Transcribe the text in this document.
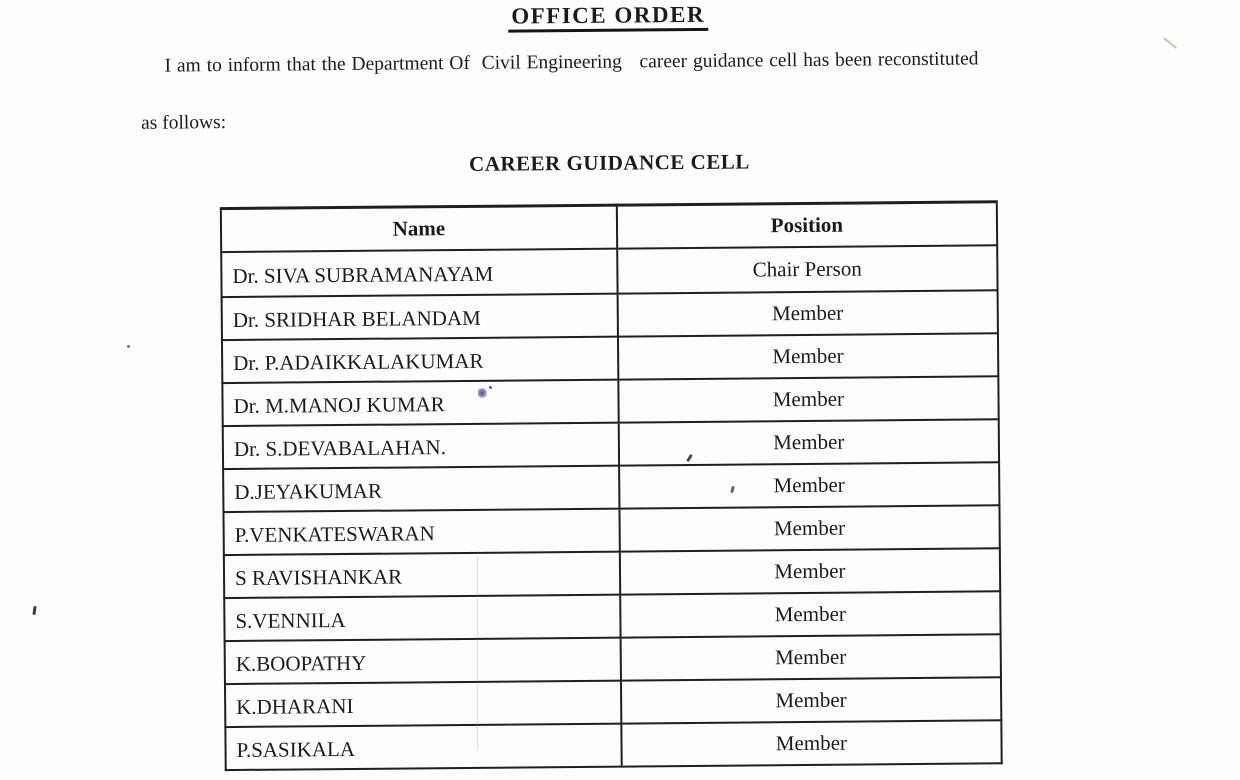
OFFICE ORDER
I am to inform that the Department Of  Civil Engineering   career guidance cell has been reconstituted
as follows:
CAREER GUIDANCE CELL
Name	Position
Dr. SIVA SUBRAMANAYAM	Chair Person
Dr. SRIDHAR BELANDAM	Member
Dr. P.ADAIKKALAKUMAR	Member
Dr. M.MANOJ KUMAR	Member
Dr. S.DEVABALAHAN.	Member
D.JEYAKUMAR	Member
P.VENKATESWARAN	Member
S RAVISHANKAR	Member
S.VENNILA	Member
K.BOOPATHY	Member
K.DHARANI	Member
P.SASIKALA	Member
